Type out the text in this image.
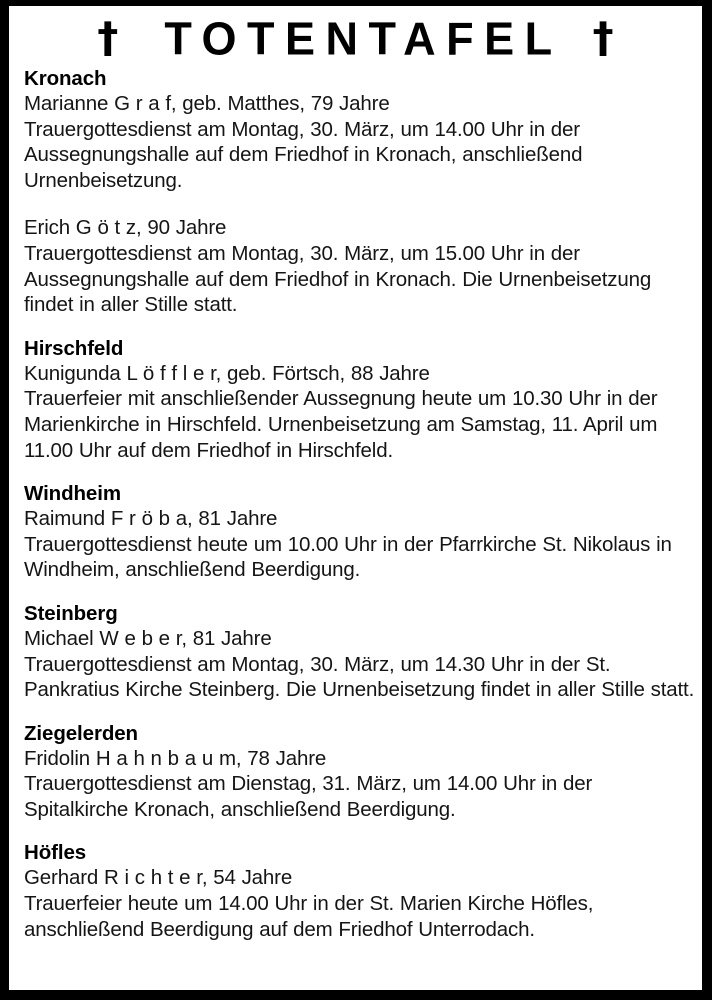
† TOTENTAFEL †
Kronach
Marianne G r a f, geb. Matthes, 79 Jahre
Trauergottesdienst am Montag, 30. März, um 14.00 Uhr in der Aussegnungshalle auf dem Friedhof in Kronach, anschließend Urnenbeisetzung.
Erich G ö t z, 90 Jahre
Trauergottesdienst am Montag, 30. März, um 15.00 Uhr in der Aussegnungshalle auf dem Friedhof in Kronach. Die Urnenbeisetzung findet in aller Stille statt.
Hirschfeld
Kunigunda L ö f f l e r, geb. Förtsch, 88 Jahre
Trauerfeier mit anschließender Aussegnung heute um 10.30 Uhr in der Marienkirche in Hirschfeld. Urnenbeisetzung am Samstag, 11. April um 11.00 Uhr auf dem Friedhof in Hirschfeld.
Windheim
Raimund F r ö b a, 81 Jahre
Trauergottesdienst heute um 10.00 Uhr in der Pfarrkirche St. Nikolaus in Windheim, anschließend Beerdigung.
Steinberg
Michael W e b e r, 81 Jahre
Trauergottesdienst am Montag, 30. März, um 14.30 Uhr in der St. Pankratius Kirche Steinberg. Die Urnenbeisetzung findet in aller Stille statt.
Ziegelerden
Fridolin H a h n b a u m, 78 Jahre
Trauergottesdienst am Dienstag, 31. März, um 14.00 Uhr in der Spitalkirche Kronach, anschließend Beerdigung.
Höfles
Gerhard R i c h t e r, 54 Jahre
Trauerfeier heute um 14.00 Uhr in der St. Marien Kirche Höfles, anschließend Beerdigung auf dem Friedhof Unterrodach.
